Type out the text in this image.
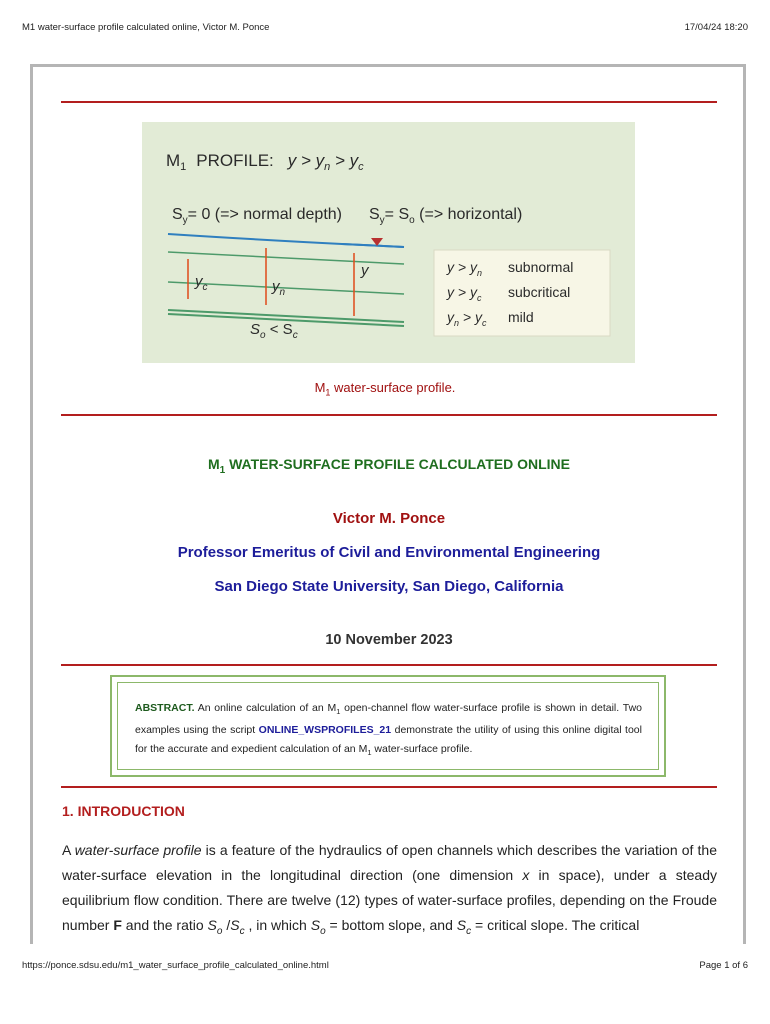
M1 water-surface profile calculated online, Victor M. Ponce	17/04/24 18:20
$M_1$ PROFILE: $y > y_n > y_c$
$S_y= 0$ (=> normal depth) $S_y= S_o$ (=> horizontal)
$y_c$	$y_n$
y
$S_o < S_c$
$y > y_n$ subnormal
$y > y_c$ subcritical
$y_n > y_c$ mild
$M_1$ water-surface profile.
$M_1$ WATER-SURFACE PROFILE CALCULATED ONLINE
Victor M. Ponce
Professor Emeritus of Civil and Environmental Engineering
San Diego State University, San Diego, California
10 November 2023
ABSTRACT. An online calculation of an $M_1$ open-channel flow water-surface profile is shown in detail. Two examples using the script ONLINE_WSPROFILES_21 demonstrate the utility of using this online digital tool for the accurate and expedient calculation of an $M_1$ water-surface profile.
1. INTRODUCTION
A water-surface profile is a feature of the hydraulics of open channels which describes the variation of the water-surface elevation in the longitudinal direction (one dimension x in space), under a steady equilibrium flow condition. There are twelve (12) types of water-surface profiles, depending on the Froude number F and the ratio $S_o$ $/S_c$ , in which $S_o$ = bottom slope, and $S_c$ = critical slope. The critical
https://ponce.sdsu.edu/m1_water_surface_profile_calculated_online.html	Page 1 of 6
